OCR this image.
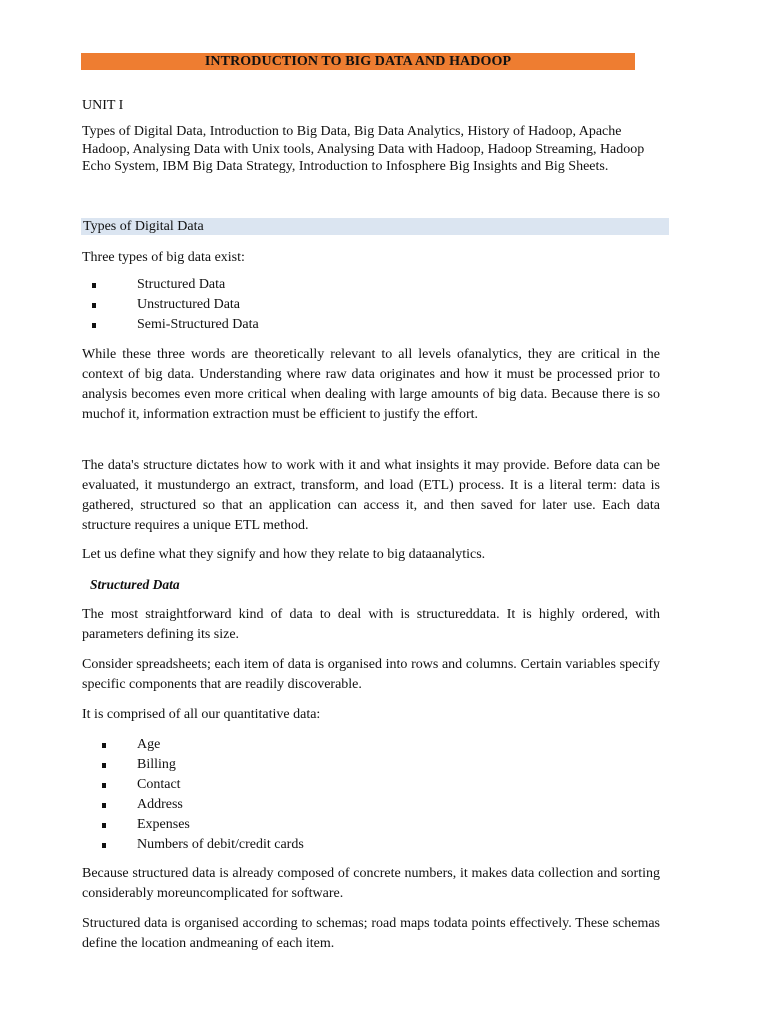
INTRODUCTION TO BIG DATA AND HADOOP

UNIT I

Types of Digital Data, Introduction to Big Data, Big Data Analytics, History of Hadoop, Apache Hadoop, Analysing Data with Unix tools, Analysing Data with Hadoop, Hadoop Streaming, Hadoop Echo System, IBM Big Data Strategy, Introduction to Infosphere Big Insights and Big Sheets.

Types of Digital Data

Three types of big data exist:

Structured Data
Unstructured Data
Semi-Structured Data

While these three words are theoretically relevant to all levels ofanalytics, they are critical in the context of big data. Understanding where raw data originates and how it must be processed prior to analysis becomes even more critical when dealing with large amounts of big data. Because there is so muchof it, information extraction must be efficient to justify the effort.

The data's structure dictates how to work with it and what insights it may provide. Before data can be evaluated, it mustundergo an extract, transform, and load (ETL) process. It is a literal term: data is gathered, structured so that an application can access it, and then saved for later use. Each data structure requires a unique ETL method.

Let us define what they signify and how they relate to big dataanalytics.

Structured Data

The most straightforward kind of data to deal with is structureddata. It is highly ordered, with parameters defining its size.

Consider spreadsheets; each item of data is organised into rows and columns. Certain variables specify specific components that are readily discoverable.

It is comprised of all our quantitative data:

Age
Billing
Contact
Address
Expenses
Numbers of debit/credit cards

Because structured data is already composed of concrete numbers, it makes data collection and sorting considerably moreuncomplicated for software.

Structured data is organised according to schemas; road maps todata points effectively. These schemas define the location andmeaning of each item.
